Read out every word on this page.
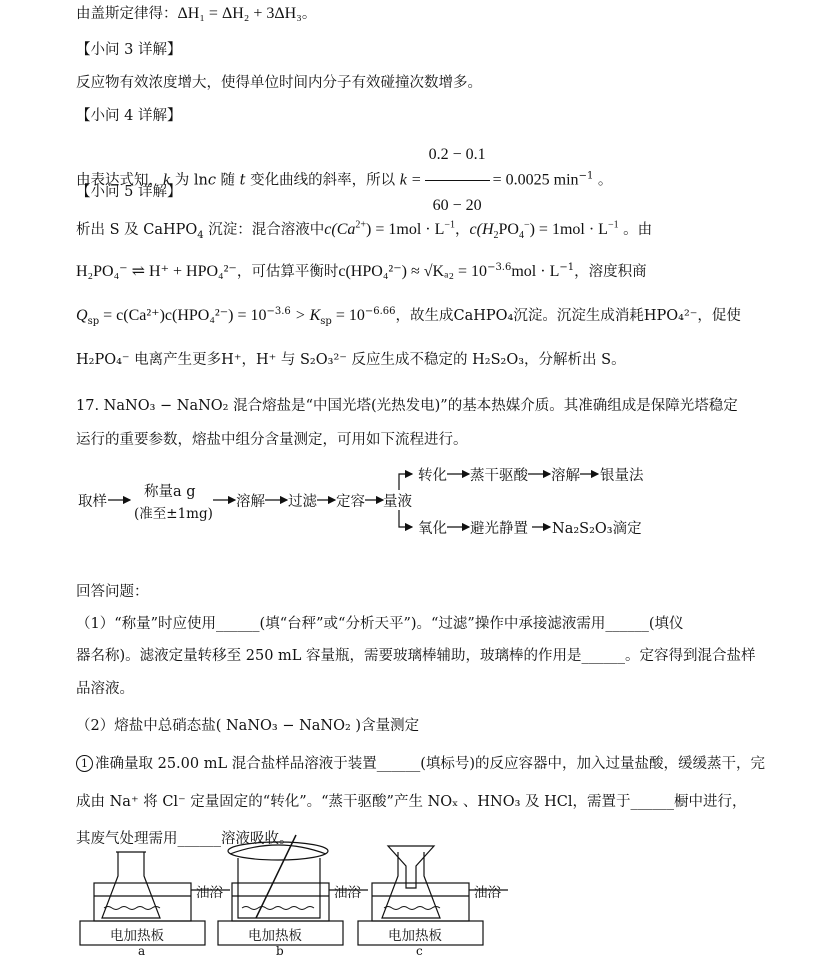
由盖斯定律得：ΔH₁ = ΔH₂ + 3ΔH₃。
【小问 3 详解】
反应物有效浓度增大，使得单位时间内分子有效碰撞次数增多。
【小问 4 详解】
由表达式知，k 为 lnc 随 t 变化曲线的斜率，所以 $k = \frac{0.2 - 0.1}{60 - 20} = 0.0025$ $\min^{-1}$ 。
【小问 5 详解】
析出 S 及 CaHPO$_4$ 沉淀：混合溶液中$c(Ca^{2+}) = 1mol \cdot L^{-1}$，$c(H_2PO_4^-) = 1mol \cdot L^{-1}$ 。由
H₂PO₄⁻ ⇌ H⁺ + HPO₄²⁻，可估算平衡时$c(HPO_4^{2-}) \approx √K_{a2} = 10^{-3.6}mol \cdot L^{-1}$，溶度积商
$Q_{sp} = c(Ca^{2+})c(HPO_4^{2-}) = 10^{-3.6} > K_{sp} = 10^{-6.66}$，故生成CaHPO₄沉淀。沉淀生成消耗HPO₄²⁻，促使
H₂PO₄⁻ 电离产生更多H⁺，H⁺ 与 S₂O₃²⁻ 反应生成不稳定的 H₂S₂O₃，分解析出 S。
17. NaNO₃ − NaNO₂ 混合熔盐是“中国光塔(光热发电)”的基本热媒介质。其准确组成是保障光塔稳定
运行的重要参数，熔盐中组分含量测定，可用如下流程进行。
取样
称量a g
(准至±1mg)
溶解 过滤 定容 量液
转化 蒸干驱酸 溶解 银量法
氧化 避光静置 Na₂S₂O₃滴定
回答问题：
（1）“称量”时应使用______(填“台秤”或“分析天平”)。“过滤”操作中承接滤液需用______(填仪
器名称)。滤液定量转移至 250 mL 容量瓶，需要玻璃棒辅助，玻璃棒的作用是______。定容得到混合盐样
品溶液。
（2）熔盐中总硝态盐( NaNO₃ − NaNO₂ )含量测定
1 准确量取 25.00 mL 混合盐样品溶液于装置______(填标号)的反应容器中，加入过量盐酸，缓缓蒸干，完
成由 Na⁺ 将 Cl⁻ 定量固定的“转化”。“蒸干驱酸”产生 NOₓ 、HNO₃ 及 HCl，需置于______橱中进行，
其废气处理需用______溶液吸收。
油浴	油浴	油浴
电加热板	电加热板	电加热板
a	b	c
